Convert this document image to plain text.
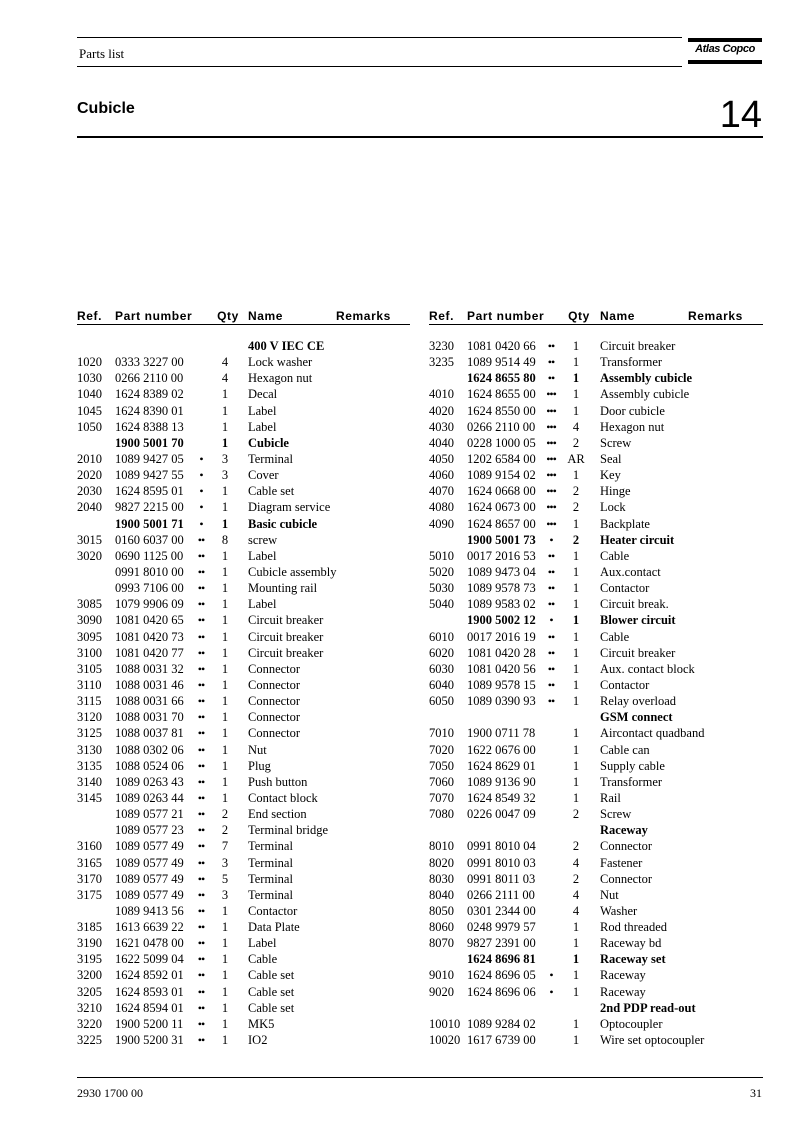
Parts list	Atlas Copco
Cubicle	14
Ref. Part number Qty Name	Remarks
400 V IEC CE
1020 0333 3227 00	4	Lock washer
1030 0266 2110 00	4	Hexagon nut
1040 1624 8389 02	1	Decal
1045 1624 8390 01	1	Label
1050 1624 8388 13	1	Label
1900 5001 70	1	Cubicle
2010 1089 9427 05	•	3	Terminal
2020 1089 9427 55	•	3	Cover
2030 1624 8595 01	•	1	Cable set
2040 9827 2215 00	•	1	Diagram service
1900 5001 71	•	1	Basic cubicle
3015 0160 6037 00	••	8	screw
3020 0690 1125 00	••	1	Label
0991 8010 00	••	1	Cubicle assembly
0993 7106 00	••	1	Mounting rail
3085 1079 9906 09	••	1	Label
3090 1081 0420 65	••	1	Circuit breaker
3095 1081 0420 73	••	1	Circuit breaker
3100 1081 0420 77	••	1	Circuit breaker
3105 1088 0031 32	••	1	Connector
3110 1088 0031 46	••	1	Connector
3115 1088 0031 66	••	1	Connector
3120 1088 0031 70	••	1	Connector
3125 1088 0037 81	••	1	Connector
3130 1088 0302 06	••	1	Nut
3135 1088 0524 06	••	1	Plug
3140 1089 0263 43	••	1	Push button
3145 1089 0263 44	••	1	Contact block
1089 0577 21	••	2	End section
1089 0577 23	••	2	Terminal bridge
3160 1089 0577 49	••	7	Terminal
3165 1089 0577 49	••	3	Terminal
3170 1089 0577 49	••	5	Terminal
3175 1089 0577 49	••	3	Terminal
1089 9413 56	••	1	Contactor
3185 1613 6639 22	••	1	Data Plate
3190 1621 0478 00	••	1	Label
3195 1622 5099 04	••	1	Cable
3200 1624 8592 01	••	1	Cable set
3205 1624 8593 01	••	1	Cable set
3210 1624 8594 01	••	1	Cable set
3220 1900 5200 11	••	1	MK5
3225 1900 5200 31	••	1	IO2
Ref. Part number Qty Name	Remarks
3230 1081 0420 66	••	1	Circuit breaker
3235 1089 9514 49	••	1	Transformer
1624 8655 80	••	1	Assembly cubicle
4010 1624 8655 00 •••	1	Assembly cubicle
4020 1624 8550 00 •••	1	Door cubicle
4030 0266 2110 00 •••	4	Hexagon nut
4040 0228 1000 05 •••	2	Screw
4050 1202 6584 00 ••• AR Seal
4060 1089 9154 02 •••	1	Key
4070 1624 0668 00 •••	2	Hinge
4080 1624 0673 00 •••	2	Lock
4090 1624 8657 00 •••	1	Backplate
1900 5001 73	•	2	Heater circuit
5010 0017 2016 53	••	1	Cable
5020 1089 9473 04	••	1	Aux.contact
5030 1089 9578 73	••	1	Contactor
5040 1089 9583 02	••	1	Circuit break.
1900 5002 12	•	1	Blower circuit
6010 0017 2016 19	••	1	Cable
6020 1081 0420 28	••	1	Circuit breaker
6030 1081 0420 56	••	1	Aux. contact block
6040 1089 9578 15	••	1	Contactor
6050 1089 0390 93	••	1	Relay overload
GSM connect
7010 1900 0711 78	1	Aircontact quadband
7020 1622 0676 00	1	Cable can
7050 1624 8629 01	1	Supply cable
7060 1089 9136 90	1	Transformer
7070 1624 8549 32	1	Rail
7080 0226 0047 09	2	Screw
Raceway
8010 0991 8010 04	2	Connector
8020 0991 8010 03	4	Fastener
8030 0991 8011 03	2	Connector
8040 0266 2111 00	4	Nut
8050 0301 2344 00	4	Washer
8060 0248 9979 57	1	Rod threaded
8070 9827 2391 00	1	Raceway bd
1624 8696 81	1	Raceway set
9010 1624 8696 05	•	1	Raceway
9020 1624 8696 06	•	1	Raceway
2nd PDP read-out
10010 1089 9284 02	1	Optocoupler
10020 1617 6739 00	1	Wire set optocoupler
2930 1700 00	31
